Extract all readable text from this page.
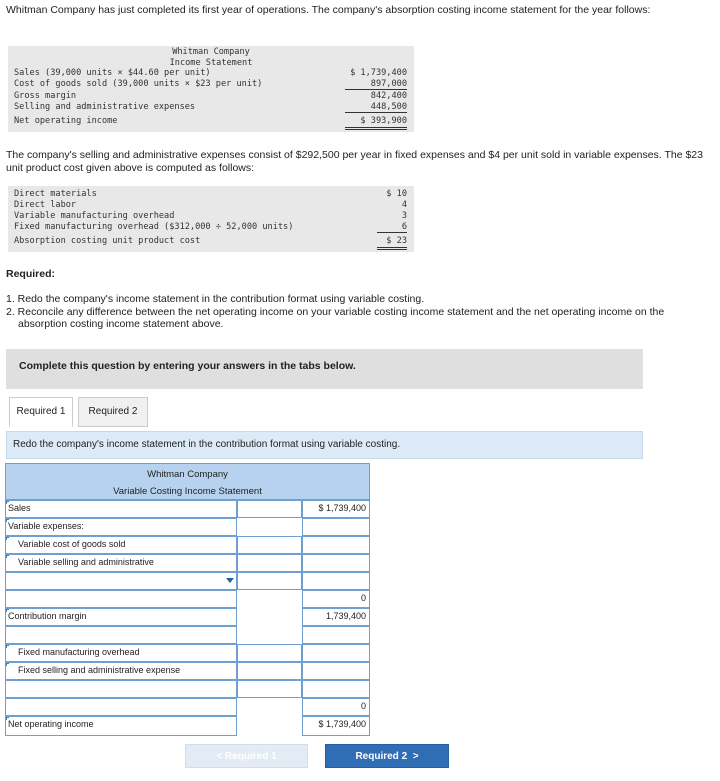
Whitman Company has just completed its first year of operations. The company's absorption costing income statement for the year follows:
Whitman Company
Income Statement
Sales (39,000 units × $44.60 per unit)	$ 1,739,400
Cost of goods sold (39,000 units × $23 per unit)	897,000
Gross margin	842,400
Selling and administrative expenses	448,500
Net operating income	$ 393,900
The company's selling and administrative expenses consist of $292,500 per year in fixed expenses and $4 per unit sold in variable expenses. The $23 unit product cost given above is computed as follows:
Direct materials	$ 10
Direct labor	4
Variable manufacturing overhead	3
Fixed manufacturing overhead ($312,000 ÷ 52,000 units)	6
Absorption costing unit product cost	$ 23
Required:
1. Redo the company's income statement in the contribution format using variable costing.
2. Reconcile any difference between the net operating income on your variable costing income statement and the net operating income on the absorption costing income statement above.
Complete this question by entering your answers in the tabs below.
Required 1	Required 2
Redo the company's income statement in the contribution format using variable costing.
Whitman Company
Variable Costing Income Statement
Sales	$ 1,739,400
Variable expenses:
Variable cost of goods sold
Variable selling and administrative
0
Contribution margin	1,739,400
Fixed manufacturing overhead
Fixed selling and administrative expense
0
Net operating income	$ 1,739,400
< Required 1	Required 2  >
